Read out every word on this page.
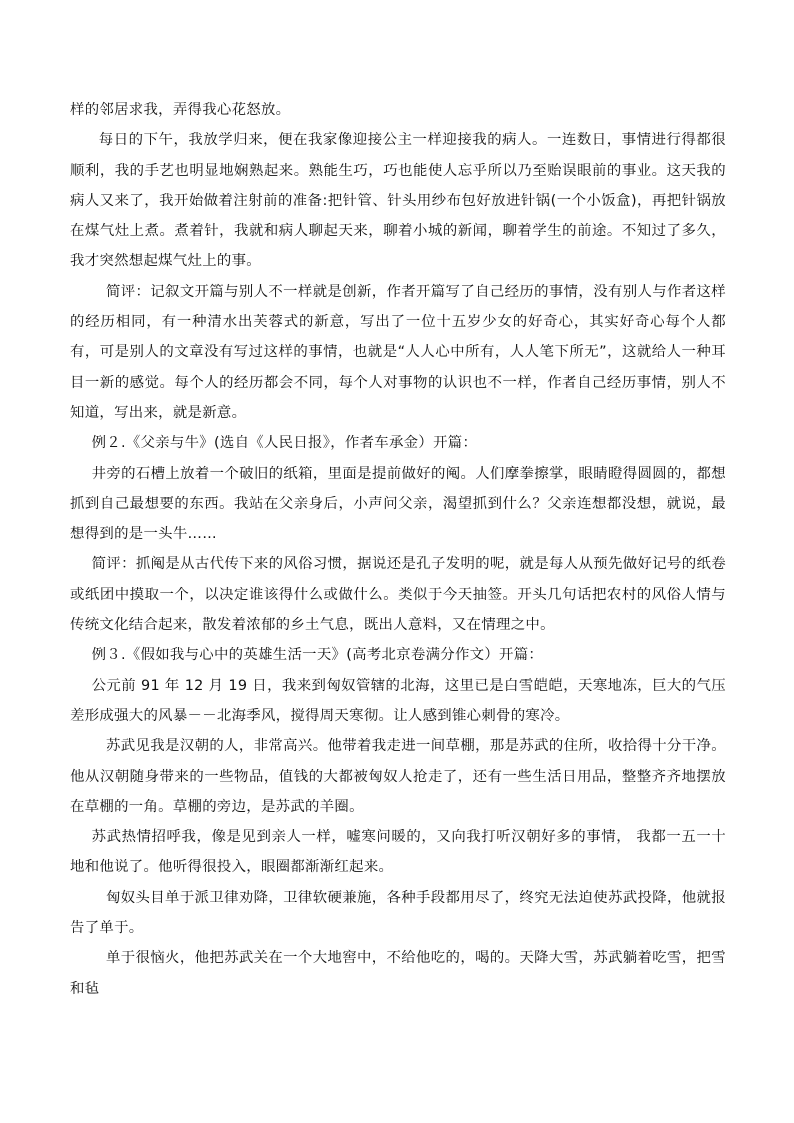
样的邻居求我，弄得我心花怒放。

每日的下午，我放学归来，便在我家像迎接公主一样迎接我的病人。一连数日，事情进行得都很顺利，我的手艺也明显地娴熟起来。熟能生巧，巧也能使人忘乎所以乃至贻误眼前的事业。这天我的病人又来了，我开始做着注射前的准备:把针管、针头用纱布包好放进针锅(一个小饭盒)，再把针锅放在煤气灶上煮。煮着针，我就和病人聊起天来，聊着小城的新闻，聊着学生的前途。不知过了多久，我才突然想起煤气灶上的事。

简评：记叙文开篇与别人不一样就是创新，作者开篇写了自己经历的事情，没有别人与作者这样的经历相同，有一种清水出芙蓉式的新意，写出了一位十五岁少女的好奇心，其实好奇心每个人都有，可是别人的文章没有写过这样的事情，也就是“人人心中所有，人人笔下所无”，这就给人一种耳目一新的感觉。每个人的经历都会不同，每个人对事物的认识也不一样，作者自己经历事情，别人不知道，写出来，就是新意。

例２.《父亲与牛》(选自《人民日报》，作者车承金）开篇：

井旁的石槽上放着一个破旧的纸箱，里面是提前做好的阄。人们摩拳擦掌，眼睛瞪得圆圆的，都想抓到自己最想要的东西。我站在父亲身后，小声问父亲，渴望抓到什么？父亲连想都没想，就说，最想得到的是一头牛……

简评：抓阄是从古代传下来的风俗习惯，据说还是孔子发明的呢，就是每人从预先做好记号的纸卷或纸团中摸取一个，以决定谁该得什么或做什么。类似于今天抽签。开头几句话把农村的风俗人情与传统文化结合起来，散发着浓郁的乡土气息，既出人意料，又在情理之中。

例３.《假如我与心中的英雄生活一天》(高考北京卷满分作文）开篇：

公元前 91 年 12 月 19 日，我来到匈奴管辖的北海，这里已是白雪皑皑，天寒地冻，巨大的气压差形成强大的风暴－－北海季风，搅得周天寒彻。让人感到锥心刺骨的寒冷。

苏武见我是汉朝的人，非常高兴。他带着我走进一间草棚，那是苏武的住所，收拾得十分干净。他从汉朝随身带来的一些物品，值钱的大都被匈奴人抢走了，还有一些生活日用品，整整齐齐地摆放在草棚的一角。草棚的旁边，是苏武的羊圈。

苏武热情招呼我，像是见到亲人一样，嘘寒问暖的，又向我打听汉朝好多的事情， 我都一五一十地和他说了。他听得很投入，眼圈都渐渐红起来。

匈奴头目单于派卫律劝降，卫律软硬兼施，各种手段都用尽了，终究无法迫使苏武投降，他就报告了单于。

单于很恼火，他把苏武关在一个大地窖中，不给他吃的，喝的。天降大雪，苏武躺着吃雪，把雪和毡
